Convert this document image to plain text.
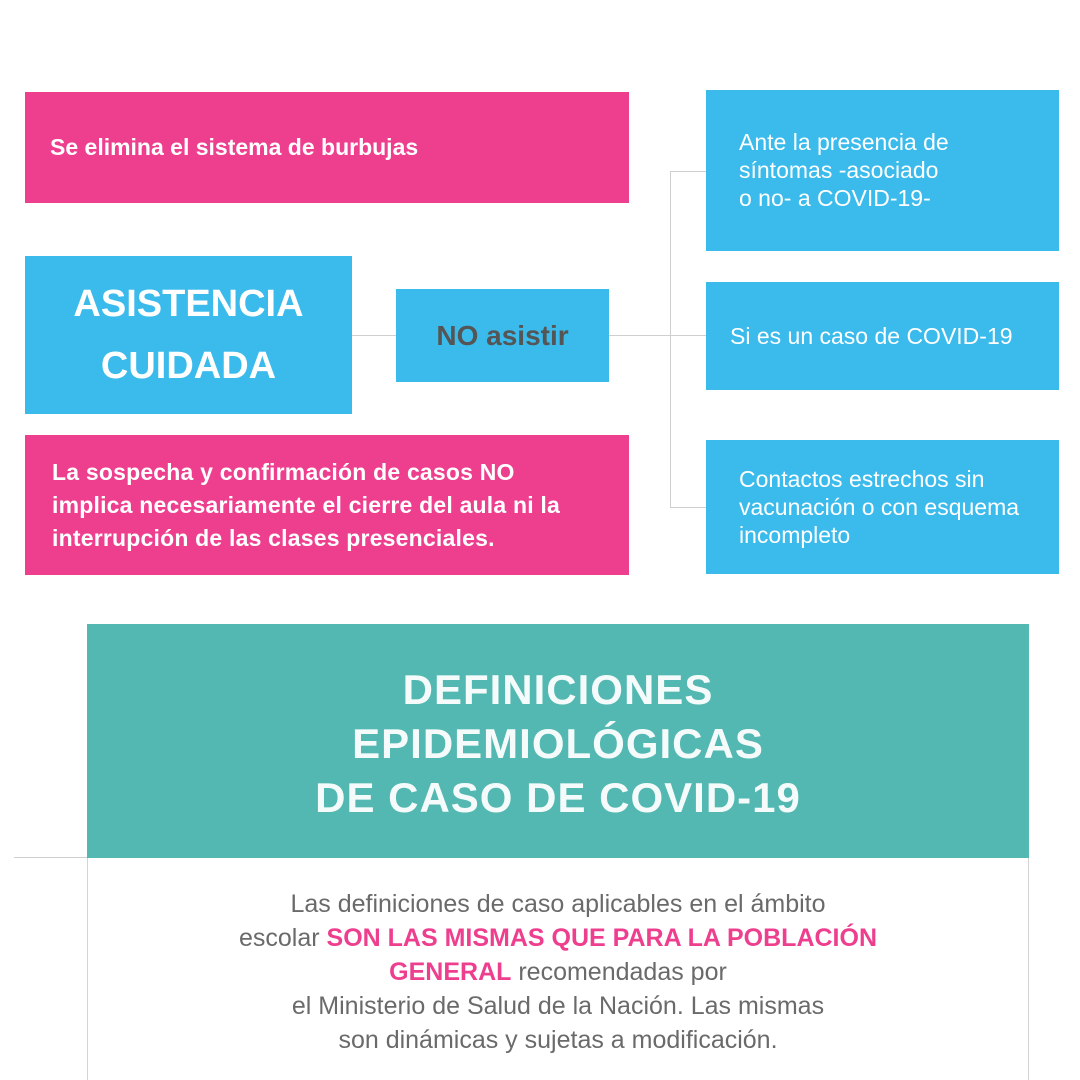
Se elimina el sistema de burbujas
ASISTENCIA
CUIDADA
NO asistir
La sospecha y confirmación de casos NO
implica necesariamente el cierre del aula ni la
interrupción de las clases presenciales.
Ante la presencia de
síntomas -asociado
o no- a COVID-19-
Si es un caso de COVID-19
Contactos estrechos sin
vacunación o con esquema
incompleto
DEFINICIONES
EPIDEMIOLÓGICAS
DE CASO DE COVID-19
Las definiciones de caso aplicables en el ámbito
escolar SON LAS MISMAS QUE PARA LA POBLACIÓN
GENERAL recomendadas por
el Ministerio de Salud de la Nación. Las mismas
son dinámicas y sujetas a modificación.
